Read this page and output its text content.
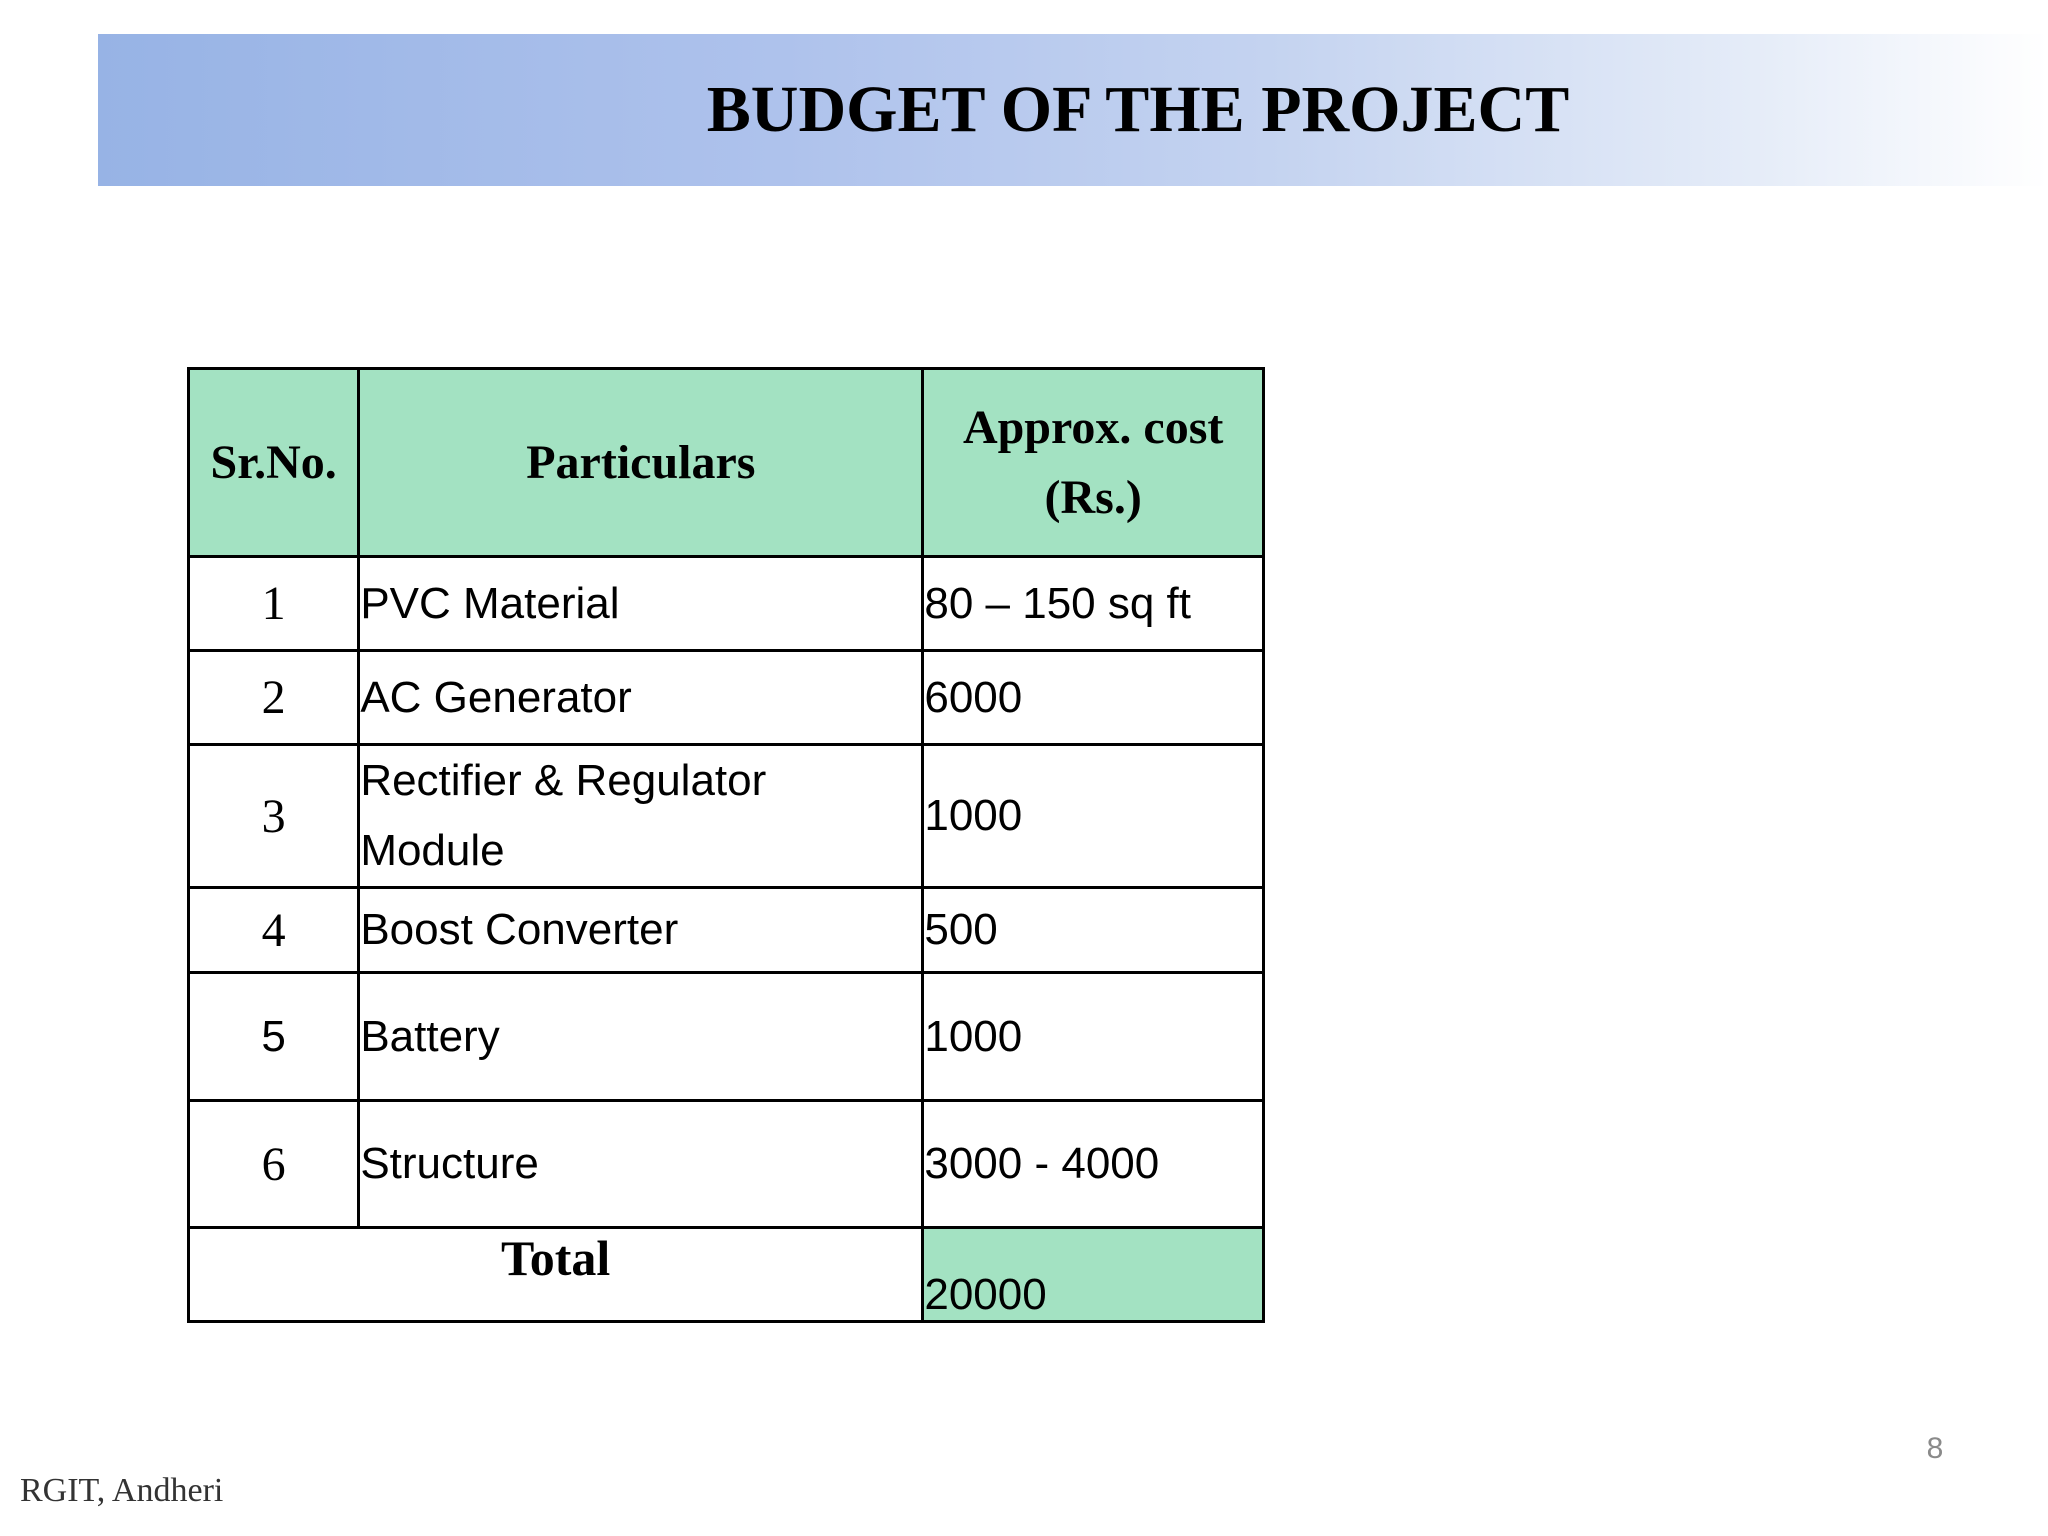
BUDGET OF THE PROJECT
Sr.No.	Particulars	Approx. cost
(Rs.)
1	PVC Material	80 – 150 sq ft
2	AC Generator	6000
3	Rectifier & Regulator
Module	1000
4	Boost Converter	500
5	Battery	1000
6	Structure	3000 - 4000
Total		20000
8
RGIT, Andheri
